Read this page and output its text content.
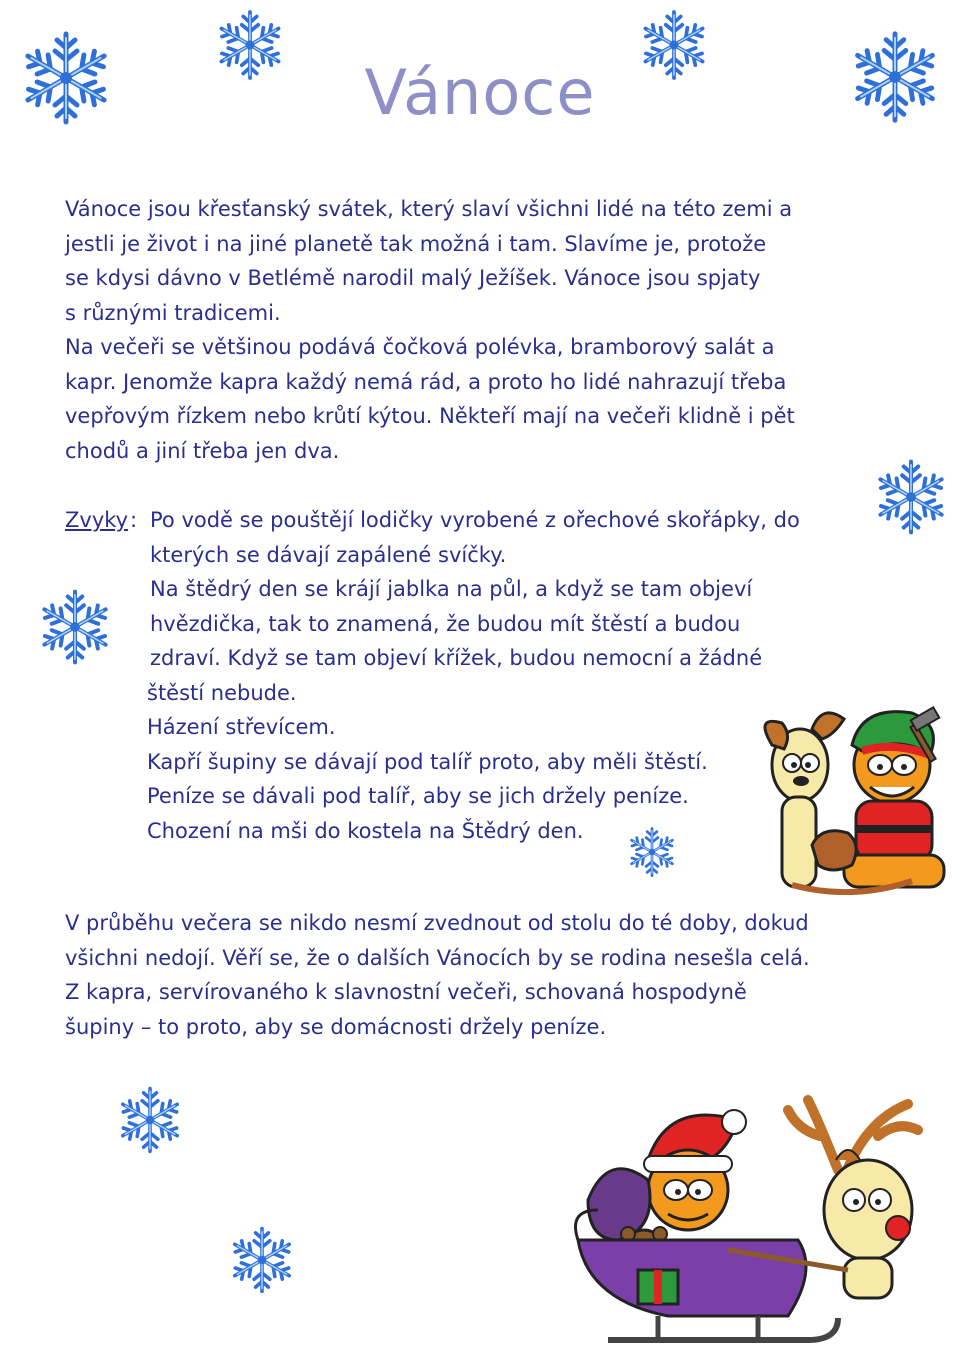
Vánoce
Vánoce jsou křesťanský svátek, který slaví všichni lidé na této zemi a
jestli je život i na jiné planetě tak možná i tam. Slavíme je, protože
se kdysi dávno v Betlémě narodil malý Ježíšek. Vánoce jsou spjaty
s různými tradicemi.
Na večeři se většinou podává čočková polévka, bramborový salát a
kapr. Jenomže kapra každý nemá rád, a proto ho lidé nahrazují třeba
vepřovým řízkem nebo krůtí kýtou. Někteří mají na večeři klidně i pět
chodů a jiní třeba jen dva.
Zvyky : Po vodě se pouštějí lodičky vyrobené z ořechové skořápky, do
kterých se dávají zapálené svíčky.
Na štědrý den se krájí jablka na půl, a když se tam objeví
hvězdička, tak to znamená, že budou mít štěstí a budou
zdraví. Když se tam objeví křížek, budou nemocní a žádné
štěstí nebude.
Házení střevícem.
Kapří šupiny se dávají pod talíř proto, aby měli štěstí.
Peníze se dávali pod talíř, aby se jich držely peníze.
Chození na mši do kostela na Štědrý den.
V průběhu večera se nikdo nesmí zvednout od stolu do té doby, dokud
všichni nedojí. Věří se, že o dalších Vánocích by se rodina nesešla celá.
Z kapra, servírovaného k slavnostní večeři, schovaná hospodyně
šupiny – to proto, aby se domácnosti držely peníze.
